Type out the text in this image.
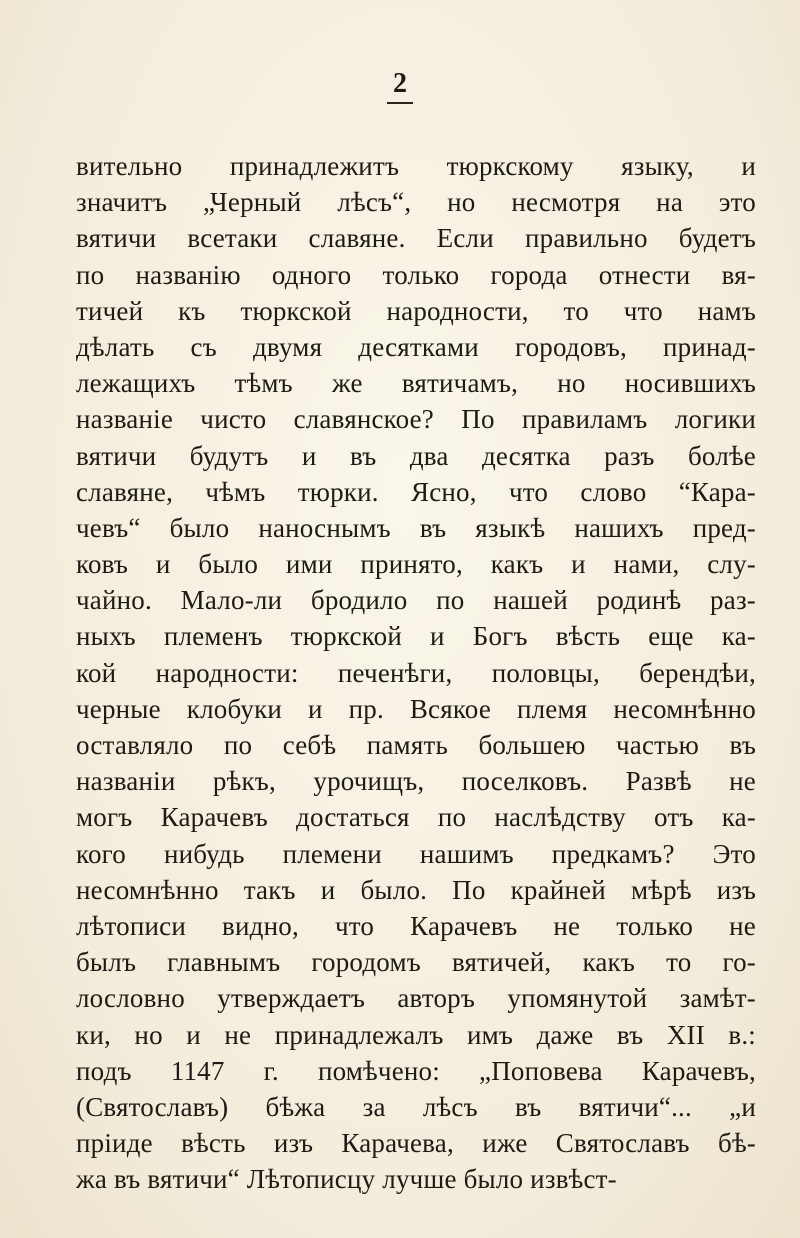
2
вительно принадлежитъ тюркскому языку, и
значитъ „Черный лѣсъ“, но несмотря на это
вятичи всетаки славяне. Если правильно будетъ
по названію одного только города отнести вя-
тичей къ тюркской народности, то что намъ
дѣлать съ двумя десятками городовъ, принад-
лежащихъ тѣмъ же вятичамъ, но носившихъ
названіе чисто славянское? По правиламъ логики
вятичи будутъ и въ два десятка разъ болѣе
славяне, чѣмъ тюрки. Ясно, что слово “Кара-
чевъ“ было наноснымъ въ языкѣ нашихъ пред-
ковъ и было ими принято, какъ и нами, слу-
чайно. Мало-ли бродило по нашей родинѣ раз-
ныхъ племенъ тюркской и Богъ вѣсть еще ка-
кой народности: печенѣги, половцы, берендѣи,
черные клобуки и пр. Всякое племя несомнѣнно
оставляло по себѣ память большею частью въ
названіи рѣкъ, урочищъ, поселковъ. Развѣ не
могъ Карачевъ достаться по наслѣдству отъ ка-
кого нибудь племени нашимъ предкамъ? Это
несомнѣнно такъ и было. По крайней мѣрѣ изъ
лѣтописи видно, что Карачевъ не только не
былъ главнымъ городомъ вятичей, какъ то го-
лословно утверждаетъ авторъ упомянутой замѣт-
ки, но и не принадлежалъ имъ даже въ XII в.:
подъ 1147 г. помѣчено: „Поповева Карачевъ,
(Святославъ) бѣжа за лѣсъ въ вятичи“... „и
пріиде вѣсть изъ Карачева, иже Святославъ бѣ-
жа въ вятичи“ Лѣтописцу лучше было извѣст-
